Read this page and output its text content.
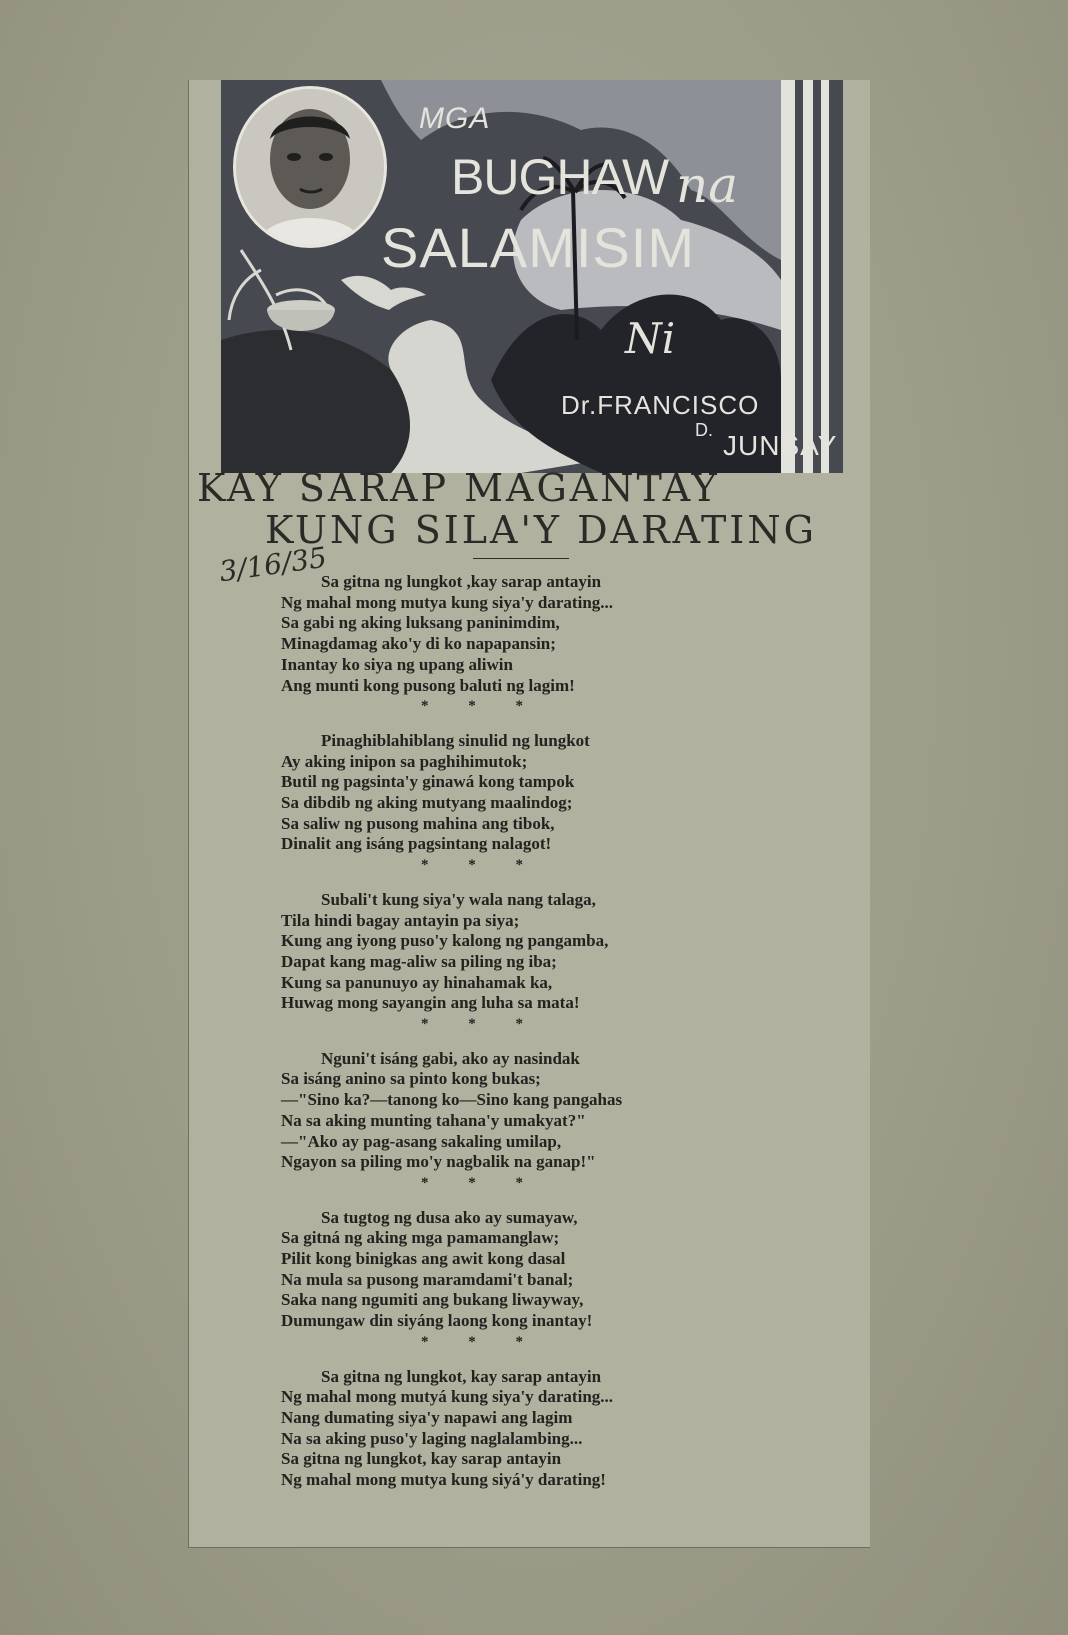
MGA
BUGHAW na
SALAMISIM
Ni
Dr.FRANCISCO
D. JUNSAY
KAY SARAP MAGANTAY
KUNG SILA'Y DARATING
3/16/35
Sa gitna ng lungkot ,kay sarap antayin
Ng mahal mong mutya kung siya'y darating...
Sa gabi ng aking luksang paninimdim,
Minagdamag ako'y di ko napapansin;
Inantay ko siya ng upang aliwin
Ang munti kong pusong baluti ng lagim!
* * *
Pinaghiblahiblang sinulid ng lungkot
Ay aking inipon sa paghihimutok;
Butil ng pagsinta'y ginawá kong tampok
Sa dibdib ng aking mutyang maalindog;
Sa saliw ng pusong mahina ang tibok,
Dinalit ang isáng pagsintang nalagot!
* * *
Subali't kung siya'y wala nang talaga,
Tila hindi bagay antayin pa siya;
Kung ang iyong puso'y kalong ng pangamba,
Dapat kang mag-aliw sa piling ng iba;
Kung sa panunuyo ay hinahamak ka,
Huwag mong sayangin ang luha sa mata!
* * *
Nguni't isáng gabi, ako ay nasindak
Sa isáng anino sa pinto kong bukas;
—"Sino ka?—tanong ko—Sino kang pangahas
Na sa aking munting tahana'y umakyat?"
—"Ako ay pag-asang sakaling umilap,
Ngayon sa piling mo'y nagbalik na ganap!"
* * *
Sa tugtog ng dusa ako ay sumayaw,
Sa gitná ng aking mga pamamanglaw;
Pilit kong binigkas ang awit kong dasal
Na mula sa pusong maramdami't banal;
Saka nang ngumiti ang bukang liwayway,
Dumungaw din siyáng laong kong inantay!
* * *
Sa gitna ng lungkot, kay sarap antayin
Ng mahal mong mutyá kung siya'y darating...
Nang dumating siya'y napawi ang lagim
Na sa aking puso'y laging naglalambing...
Sa gitna ng lungkot, kay sarap antayin
Ng mahal mong mutya kung siyá'y darating!
